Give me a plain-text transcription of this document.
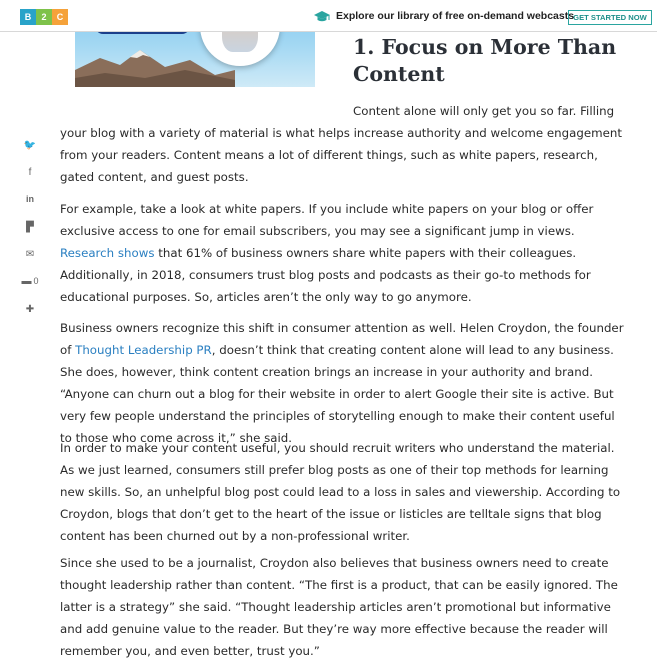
B	2	C	Explore our library of free on-demand webcasts GET STARTED NOW
1. Focus on More Than Content
🐦
f
in
▛
✉
▬ 0
✚

Content alone will only get you so far. Filling your blog with a variety of material is what helps increase authority and welcome engagement from your readers. Content means a lot of different things, such as white papers, research, gated content, and guest posts.

For example, take a look at white papers. If you include white papers on your blog or offer exclusive access to one for email subscribers, you may see a significant jump in views. Research shows that 61% of business owners share white papers with their colleagues. Additionally, in 2018, consumers trust blog posts and podcasts as their go-to methods for educational purposes. So, articles aren’t the only way to go anymore.

Business owners recognize this shift in consumer attention as well. Helen Croydon, the founder of Thought Leadership PR, doesn’t think that creating content alone will lead to any business. She does, however, think content creation brings an increase in your authority and brand. “Anyone can churn out a blog for their website in order to alert Google their site is active. But very few people understand the principles of storytelling enough to make their content useful to those who come across it,” she said.

In order to make your content useful, you should recruit writers who understand the material. As we just learned, consumers still prefer blog posts as one of their top methods for learning new skills. So, an unhelpful blog post could lead to a loss in sales and viewership. According to Croydon, blogs that don’t get to the heart of the issue or listicles are telltale signs that blog content has been churned out by a non-professional writer.

Since she used to be a journalist, Croydon also believes that business owners need to create thought leadership rather than content. “The first is a product, that can be easily ignored. The latter is a strategy” she said. “Thought leadership articles aren’t promotional but informative and add genuine value to the reader. But they’re way more effective because the reader will remember you, and even better, trust you.”
